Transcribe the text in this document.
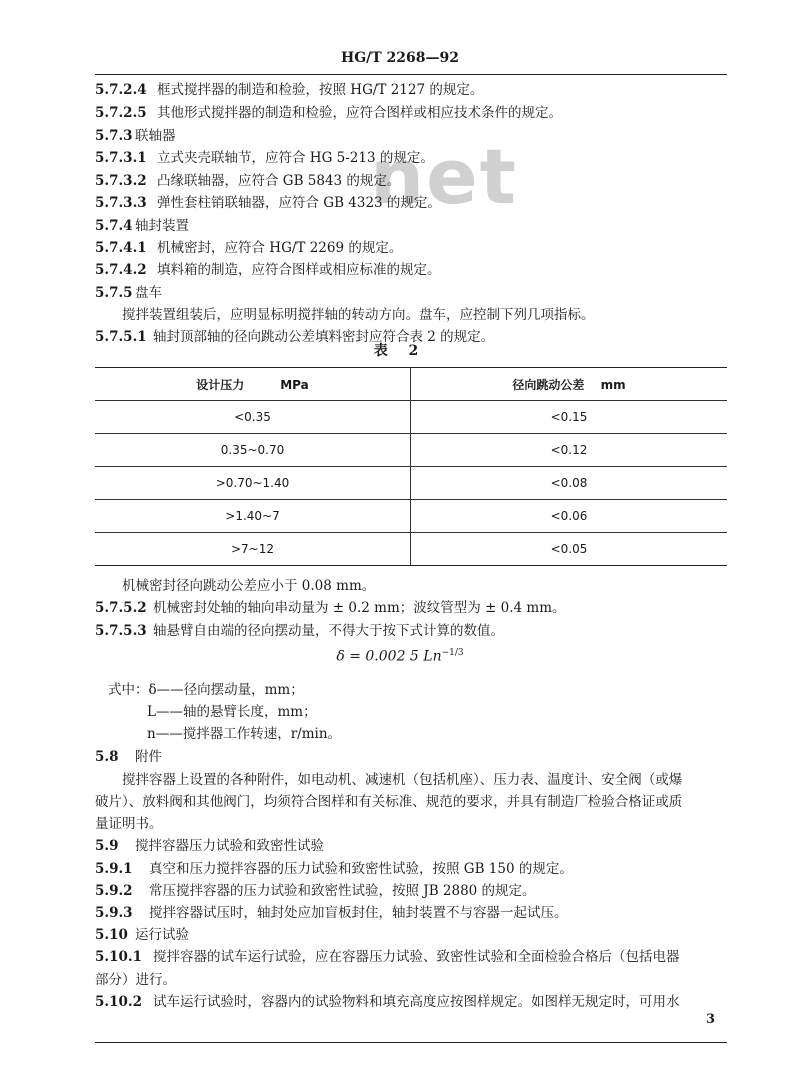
net
HG/T 2268—92
5.7.2.4 框式搅拌器的制造和检验，按照 HG/T 2127 的规定。
5.7.2.5 其他形式搅拌器的制造和检验，应符合图样或相应技术条件的规定。
5.7.3 联轴器
5.7.3.1 立式夹壳联轴节，应符合 HG 5-213 的规定。
5.7.3.2 凸缘联轴器，应符合 GB 5843 的规定。
5.7.3.3 弹性套柱销联轴器，应符合 GB 4323 的规定。
5.7.4 轴封装置
5.7.4.1 机械密封，应符合 HG/T 2269 的规定。
5.7.4.2 填料箱的制造，应符合图样或相应标准的规定。
5.7.5 盘车
搅拌装置组装后，应明显标明搅拌轴的转动方向。盘车，应控制下列几项指标。
5.7.5.1 轴封顶部轴的径向跳动公差填料密封应符合表 2 的规定。
表 2
设计压力　　　MPa	径向跳动公差　 mm
<0.35	<0.15
0.35~0.70	<0.12
>0.70~1.40	<0.08
>1.40~7	<0.06
>7~12	<0.05
机械密封径向跳动公差应小于 0.08 mm。
5.7.5.2 机械密封处轴的轴向串动量为 ± 0.2 mm；波纹管型为 ± 0.4 mm。
5.7.5.3 轴悬臂自由端的径向摆动量，不得大于按下式计算的数值。
δ = 0.002 5 $Ln^{-1/3}$
式中：δ——径向摆动量，mm；
L——轴的悬臂长度，mm；
n——搅拌器工作转速，r/min。
5.8 附件
搅拌容器上设置的各种附件，如电动机、减速机（包括机座）、压力表、温度计、安全阀（或爆
破片）、放料阀和其他阀门，均须符合图样和有关标准、规范的要求，并具有制造厂检验合格证或质
量证明书。
5.9 搅拌容器压力试验和致密性试验
5.9.1 真空和压力搅拌容器的压力试验和致密性试验，按照 GB 150 的规定。
5.9.2 常压搅拌容器的压力试验和致密性试验，按照 JB 2880 的规定。
5.9.3 搅拌容器试压时，轴封处应加盲板封住，轴封装置不与容器一起试压。
5.10 运行试验
5.10.1 搅拌容器的试车运行试验，应在容器压力试验、致密性试验和全面检验合格后（包括电器
部分）进行。
5.10.2 试车运行试验时，容器内的试验物料和填充高度应按图样规定。如图样无规定时，可用水
3
